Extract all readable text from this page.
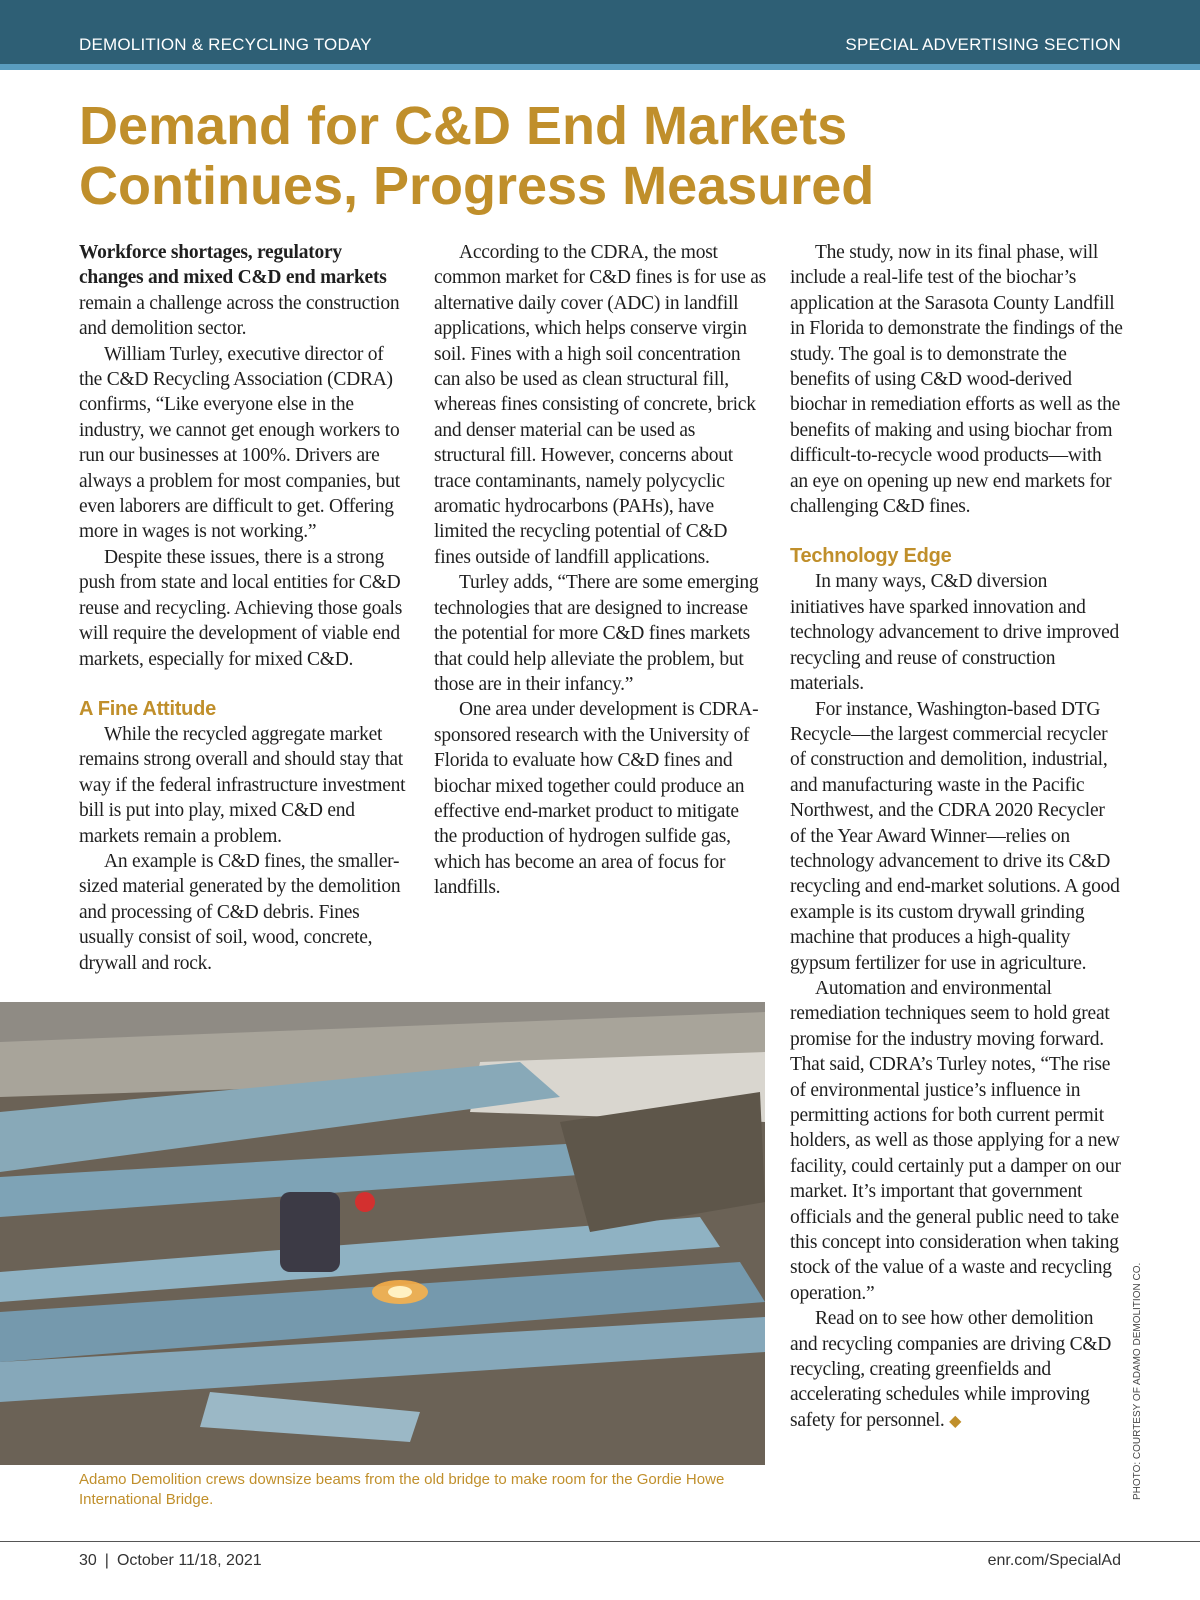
DEMOLITION & RECYCLING TODAY	SPECIAL ADVERTISING SECTION
Demand for C&D End Markets
Continues, Progress Measured

Workforce shortages, regulatory changes and mixed C&D end markets remain a challenge across the construction and demolition sector.

William Turley, executive director of the C&D Recycling Association (CDRA) confirms, “Like everyone else in the industry, we cannot get enough workers to run our businesses at 100%. Drivers are always a problem for most companies, but even laborers are difficult to get. Offering more in wages is not working.”

Despite these issues, there is a strong push from state and local entities for C&D reuse and recycling. Achieving those goals will require the development of viable end markets, especially for mixed C&D.

A Fine Attitude

While the recycled aggregate market remains strong overall and should stay that way if the federal infrastructure investment bill is put into play, mixed C&D end markets remain a problem.

An example is C&D fines, the smaller-sized material generated by the demolition and processing of C&D debris. Fines usually consist of soil, wood, concrete, drywall and rock.

According to the CDRA, the most common market for C&D fines is for use as alternative daily cover (ADC) in landfill applications, which helps conserve virgin soil. Fines with a high soil concentration can also be used as clean structural fill, whereas fines consisting of concrete, brick and denser material can be used as structural fill. However, concerns about trace contaminants, namely polycyclic aromatic hydrocarbons (PAHs), have limited the recycling potential of C&D fines outside of landfill applications.

Turley adds, “There are some emerging technologies that are designed to increase the potential for more C&D fines markets that could help alleviate the problem, but those are in their infancy.”

One area under development is CDRA-sponsored research with the University of Florida to evaluate how C&D fines and biochar mixed together could produce an effective end-market product to mitigate the production of hydrogen sulfide gas, which has become an area of focus for landfills.

The study, now in its final phase, will include a real-life test of the biochar’s application at the Sarasota County Landfill in Florida to demonstrate the findings of the study. The goal is to demonstrate the benefits of using C&D wood-derived biochar in remediation efforts as well as the benefits of making and using biochar from difficult-to-recycle wood products—with an eye on opening up new end markets for challenging C&D fines.

Technology Edge

In many ways, C&D diversion initiatives have sparked innovation and technology advancement to drive improved recycling and reuse of construction materials.

For instance, Washington-based DTG Recycle—the largest commercial recycler of construction and demolition, industrial, and manufacturing waste in the Pacific Northwest, and the CDRA 2020 Recycler of the Year Award Winner—relies on technology advancement to drive its C&D recycling and end-market solutions. A good example is its custom drywall grinding machine that produces a high-quality gypsum fertilizer for use in agriculture.

Automation and environmental remediation techniques seem to hold great promise for the industry moving forward. That said, CDRA’s Turley notes, “The rise of environmental justice’s influence in permitting actions for both current permit holders, as well as those applying for a new facility, could certainly put a damper on our market. It’s important that government officials and the general public need to take this concept into consideration when taking stock of the value of a waste and recycling operation.”

Read on to see how other demolition and recycling companies are driving C&D recycling, creating greenfields and accelerating schedules while improving safety for personnel. ◆

Adamo Demolition crews downsize beams from the old bridge to make room for the Gordie Howe International Bridge.	PHOTO: COURTESY OF ADAMO DEMOLITION CO.
30 | October 11/18, 2021	enr.com/SpecialAd
